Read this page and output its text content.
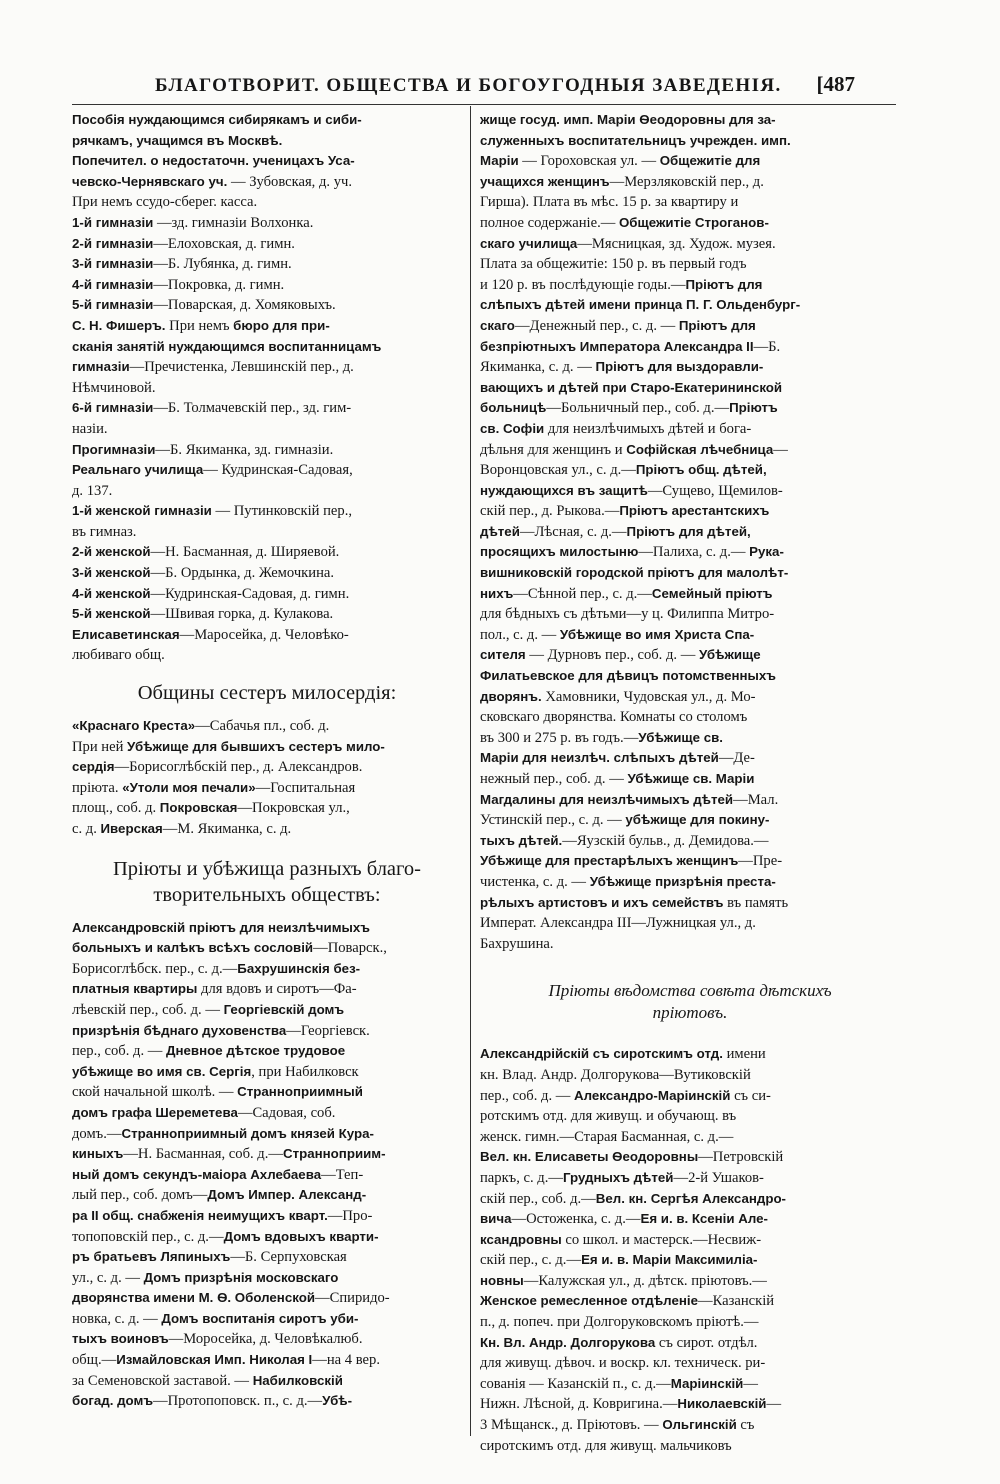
БЛАГОТВОРИТ. ОБЩЕСТВА И БОГОУГОДНЫЯ ЗАВЕДЕНІЯ.	[487
Пособія нуждающимся сибирякамъ и сиби-
рячкамъ, учащимся въ Москвѣ.
Попечител. о недостаточн. ученицахъ Уса-
чевско-Чернявскаго уч. — Зубовская, д. уч.
При немъ ссудо-сберег. касса.
1-й гимназіи —зд. гимназіи Волхонка.
2-й гимназіи—Елоховская, д. гимн.
3-й гимназіи—Б. Лубянка, д. гимн.
4-й гимназіи—Покровка, д. гимн.
5-й гимназіи—Поварская, д. Хомяковыхъ.
С. Н. Фишеръ. При немъ бюро для при-
сканія занятій нуждающимся воспитанницамъ
гимназіи—Пречистенка, Левшинскій пер., д.
Нѣмчиновой.
6-й гимназіи—Б. Толмачевскій пер., зд. гим-
назіи.
Прогимназіи—Б. Якиманка, зд. гимназіи.
Реальнаго училища— Кудринская-Садовая,
д. 137.
1-й женской гимназіи — Путинковскій пер.,
въ гимназ.
2-й женской—Н. Басманная, д. Ширяевой.
3-й женской—Б. Ордынка, д. Жемочкина.
4-й женской—Кудринская-Садовая, д. гимн.
5-й женской—Швивая горка, д. Кулакова.
Елисаветинская—Маросейка, д. Человѣко-
любиваго общ.
Общины сестеръ милосердія:
«Краснаго Креста»—Сабачья пл., соб. д.
При ней Убѣжище для бывшихъ сестеръ мило-
сердія—Борисоглѣбскій пер., д. Александров.
пріюта. «Утоли моя печали»—Госпитальная
площ., соб. д. Покровская—Покровская ул.,
с. д. Иверская—М. Якиманка, с. д.
Пріюты и убѣжища разныхъ благо-
творительныхъ обществъ:
Александровскій пріютъ для неизлѣчимыхъ
больныхъ и калѣкъ всѣхъ сословій—Поварск.,
Борисоглѣбск. пер., с. д.—Бахрушинскія без-
платныя квартиры для вдовъ и сиротъ—Фа-
лѣевскій пер., соб. д. — Георгіевскій домъ
призрѣнія бѣднаго духовенства—Георгіевск.
пер., соб. д. — Дневное дѣтское трудовое
убѣжище во имя св. Сергія, при Набилковск
ской начальной школѣ. — Странноприимный
домъ графа Шереметева—Садовая, соб.
домъ.—Странноприимный домъ князей Кура-
киныхъ—Н. Басманная, соб. д.—Странноприим-
ный домъ секундъ-маіора Ахлебаева—Теп-
лый пер., соб. домъ—Домъ Импер. Александ-
ра II общ. снабженія неимущихъ кварт.—Про-
топоповскій пер., с. д.—Домъ вдовыхъ кварти-
ръ братьевъ Ляпиныхъ—Б. Серпуховская
ул., с. д. — Домъ призрѣнія московскаго
дворянства имени М. Ѳ. Оболенской—Спиридо-
новка, с. д. — Домъ воспитанія сиротъ уби-
тыхъ воиновъ—Моросейка, д. Человѣкалюб.
общ.—Измайловская Имп. Николая I—на 4 вер.
за Семеновской заставой. — Набилковскій
богад. домъ—Протопоповск. п., с. д.—Убѣ-
жище госуд. имп. Маріи Ѳеодоровны для за-
служенныхъ воспитательницъ учрежден. имп.
Маріи — Гороховская ул. — Общежитіе для
учащихся женщинъ—Мерзляковскій пер., д.
Гирша). Плата въ мѣс. 15 р. за квартиру и
полное содержаніе.— Общежитіе Строганов-
скаго училища—Мясницкая, зд. Худож. музея.
Плата за общежитіе: 150 р. въ первый годъ
и 120 р. въ послѣдующіе годы.—Пріютъ для
слѣпыхъ дѣтей имени принца П. Г. Ольденбург-
скаго—Денежный пер., с. д. — Пріютъ для
безпріютныхъ Императора Александра II—Б.
Якиманка, с. д. — Пріютъ для выздоравли-
вающихъ и дѣтей при Старо-Екатерининской
больницѣ—Больничный пер., соб. д.—Пріютъ
св. Софіи для неизлѣчимыхъ дѣтей и бога-
дѣльня для женщинъ и Софійская лѣчебница—
Воронцовская ул., с. д.—Пріютъ общ. дѣтей,
нуждающихся въ защитѣ—Сущево, Щемилов-
скій пер., д. Рыкова.—Пріютъ арестантскихъ
дѣтей—Лѣсная, с. д.—Пріютъ для дѣтей,
просящихъ милостыню—Палиха, с. д.— Рука-
вишниковскій городской пріютъ для малолѣт-
нихъ—Сѣнной пер., с. д.—Семейный пріютъ
для бѣдныхъ съ дѣтьми—у ц. Филиппа Митро-
пол., с. д. — Убѣжище во имя Христа Спа-
сителя — Дурновъ пер., соб. д. — Убѣжище
Филатьевское для дѣвицъ потомственныхъ
дворянъ. Хамовники, Чудовская ул., д. Мо-
сковскаго дворянства. Комнаты со столомъ
въ 300 и 275 р. въ годъ.—Убѣжище св.
Маріи для неизлѣч. слѣпыхъ дѣтей—Де-
нежный пер., соб. д. — Убѣжище св. Маріи
Магдалины для неизлѣчимыхъ дѣтей—Мал.
Устинскій пер., с. д. — убѣжище для покину-
тыхъ дѣтей.—Яузскій бульв., д. Демидова.—
Убѣжище для престарѣлыхъ женщинъ—Пре-
чистенка, с. д. — Убѣжище призрѣнія преста-
рѣлыхъ артистовъ и ихъ семействъ въ память
Императ. Александра III—Лужницкая ул., д.
Бахрушина.
Пріюты вѣдомства совѣта дѣтскихъ
пріютовъ.
Александрійскій съ сиротскимъ отд. имени
кн. Влад. Андр. Долгорукова—Вутиковскій
пер., соб. д. — Александро-Маріинскій съ си-
ротскимъ отд. для живущ. и обучающ. въ
женск. гимн.—Старая Басманная, с. д.—
Вел. кн. Елисаветы Ѳеодоровны—Петровскій
паркъ, с. д.—Грудныхъ дѣтей—2-й Ушаков-
скій пер., соб. д.—Вел. кн. Сергѣя Александро-
вича—Остоженка, с. д.—Ея и. в. Ксеніи Але-
ксандровны со школ. и мастерск.—Несвиж-
скій пер., с. д.—Ея и. в. Маріи Максимиліа-
новны—Калужская ул., д. дѣтск. пріютовъ.—
Женское ремесленное отдѣленіе—Казанскій
п., д. попеч. при Долгоруковскомъ пріютѣ.—
Кн. Вл. Андр. Долгорукова съ сирот. отдѣл.
для живущ. дѣвоч. и воскр. кл. техническ. ри-
сованія — Казанскій п., с. д.—Маріинскій—
Нижн. Лѣсной, д. Ковригина.—Николаевскій—
3 Мѣщанск., д. Пріютовъ. — Ольгинскій съ
сиротскимъ отд. для живущ. мальчиковъ
